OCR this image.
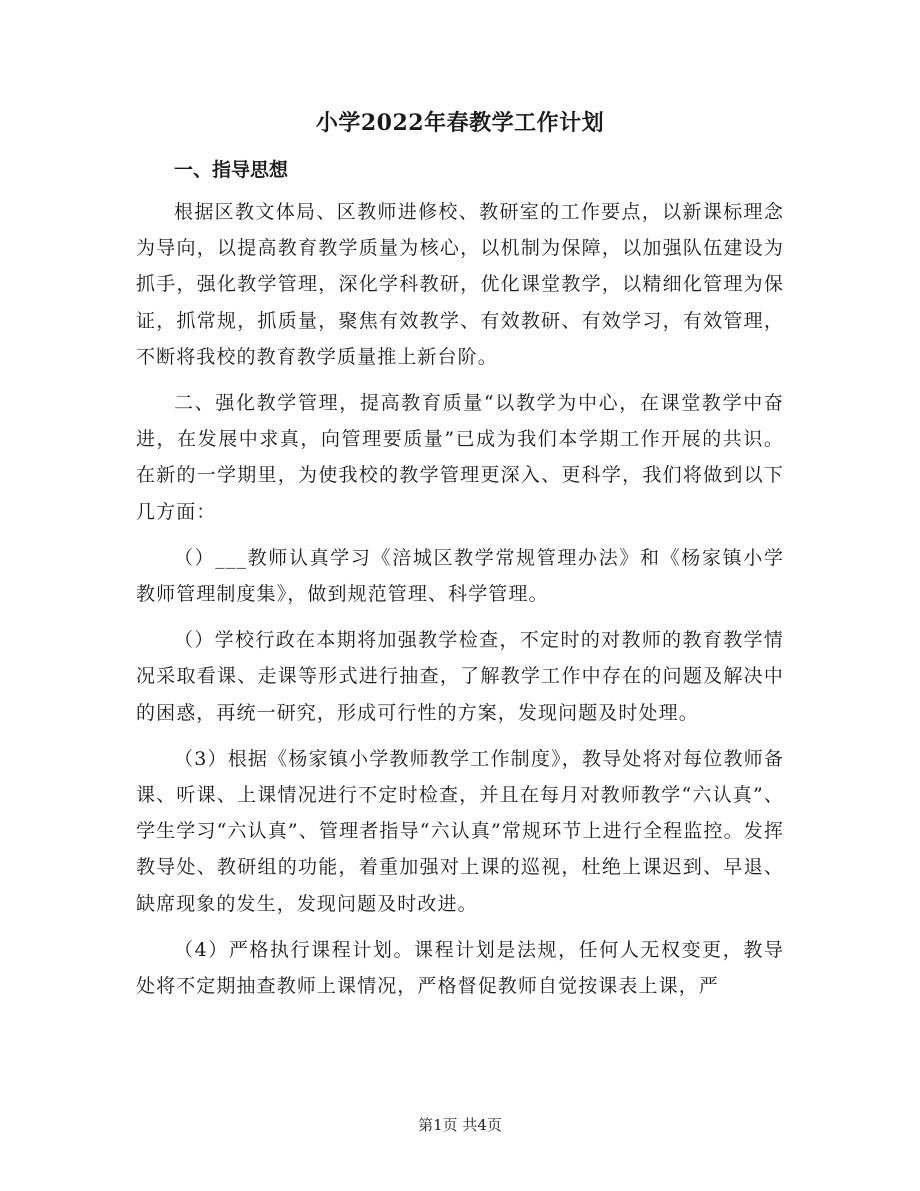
小学2022年春教学工作计划
一、指导思想

根据区教文体局、区教师进修校、教研室的工作要点，以新课标理念为导向，以提高教育教学质量为核心，以机制为保障，以加强队伍建设为抓手，强化教学管理，深化学科教研，优化课堂教学，以精细化管理为保证，抓常规，抓质量，聚焦有效教学、有效教研、有效学习，有效管理，不断将我校的教育教学质量推上新台阶。

二、强化教学管理，提高教育质量“以教学为中心，在课堂教学中奋进，在发展中求真，向管理要质量”已成为我们本学期工作开展的共识。在新的一学期里，为使我校的教学管理更深入、更科学，我们将做到以下几方面：

（）___教师认真学习《涪城区教学常规管理办法》和《杨家镇小学教师管理制度集》，做到规范管理、科学管理。

（）学校行政在本期将加强教学检查，不定时的对教师的教育教学情况采取看课、走课等形式进行抽查，了解教学工作中存在的问题及解决中的困惑，再统一研究，形成可行性的方案，发现问题及时处理。

（3）根据《杨家镇小学教师教学工作制度》，教导处将对每位教师备课、听课、上课情况进行不定时检查，并且在每月对教师教学“六认真”、学生学习“六认真”、管理者指导“六认真”常规环节上进行全程监控。发挥教导处、教研组的功能，着重加强对上课的巡视，杜绝上课迟到、早退、缺席现象的发生，发现问题及时改进。

（4）严格执行课程计划。课程计划是法规，任何人无权变更，教导处将不定期抽查教师上课情况，严格督促教师自觉按课表上课，严

第1页 共4页
